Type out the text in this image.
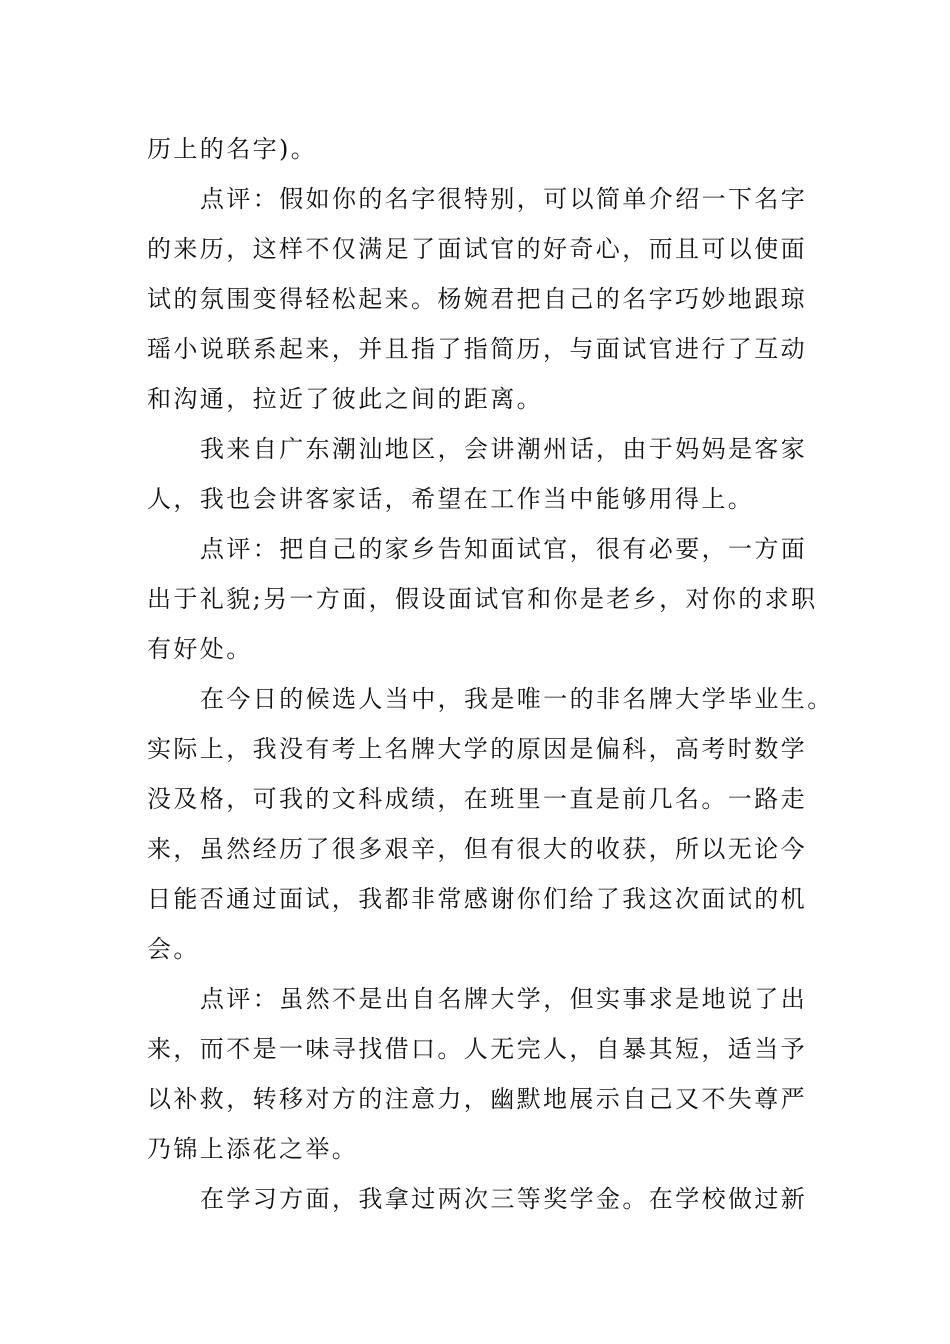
历上的名字)。
点评：假如你的名字很特别，可以简单介绍一下名字
的来历，这样不仅满足了面试官的好奇心，而且可以使面
试的氛围变得轻松起来。杨婉君把自己的名字巧妙地跟琼
瑶小说联系起来，并且指了指简历，与面试官进行了互动
和沟通，拉近了彼此之间的距离。
我来自广东潮汕地区，会讲潮州话，由于妈妈是客家
人，我也会讲客家话，希望在工作当中能够用得上。
点评：把自己的家乡告知面试官，很有必要，一方面
出于礼貌;另一方面，假设面试官和你是老乡，对你的求职
有好处。
在今日的候选人当中，我是唯一的非名牌大学毕业生。
实际上，我没有考上名牌大学的原因是偏科，高考时数学
没及格，可我的文科成绩，在班里一直是前几名。一路走
来，虽然经历了很多艰辛，但有很大的收获，所以无论今
日能否通过面试，我都非常感谢你们给了我这次面试的机
会。
点评：虽然不是出自名牌大学，但实事求是地说了出
来，而不是一味寻找借口。人无完人，自暴其短，适当予
以补救，转移对方的注意力，幽默地展示自己又不失尊严
乃锦上添花之举。
在学习方面，我拿过两次三等奖学金。在学校做过新
